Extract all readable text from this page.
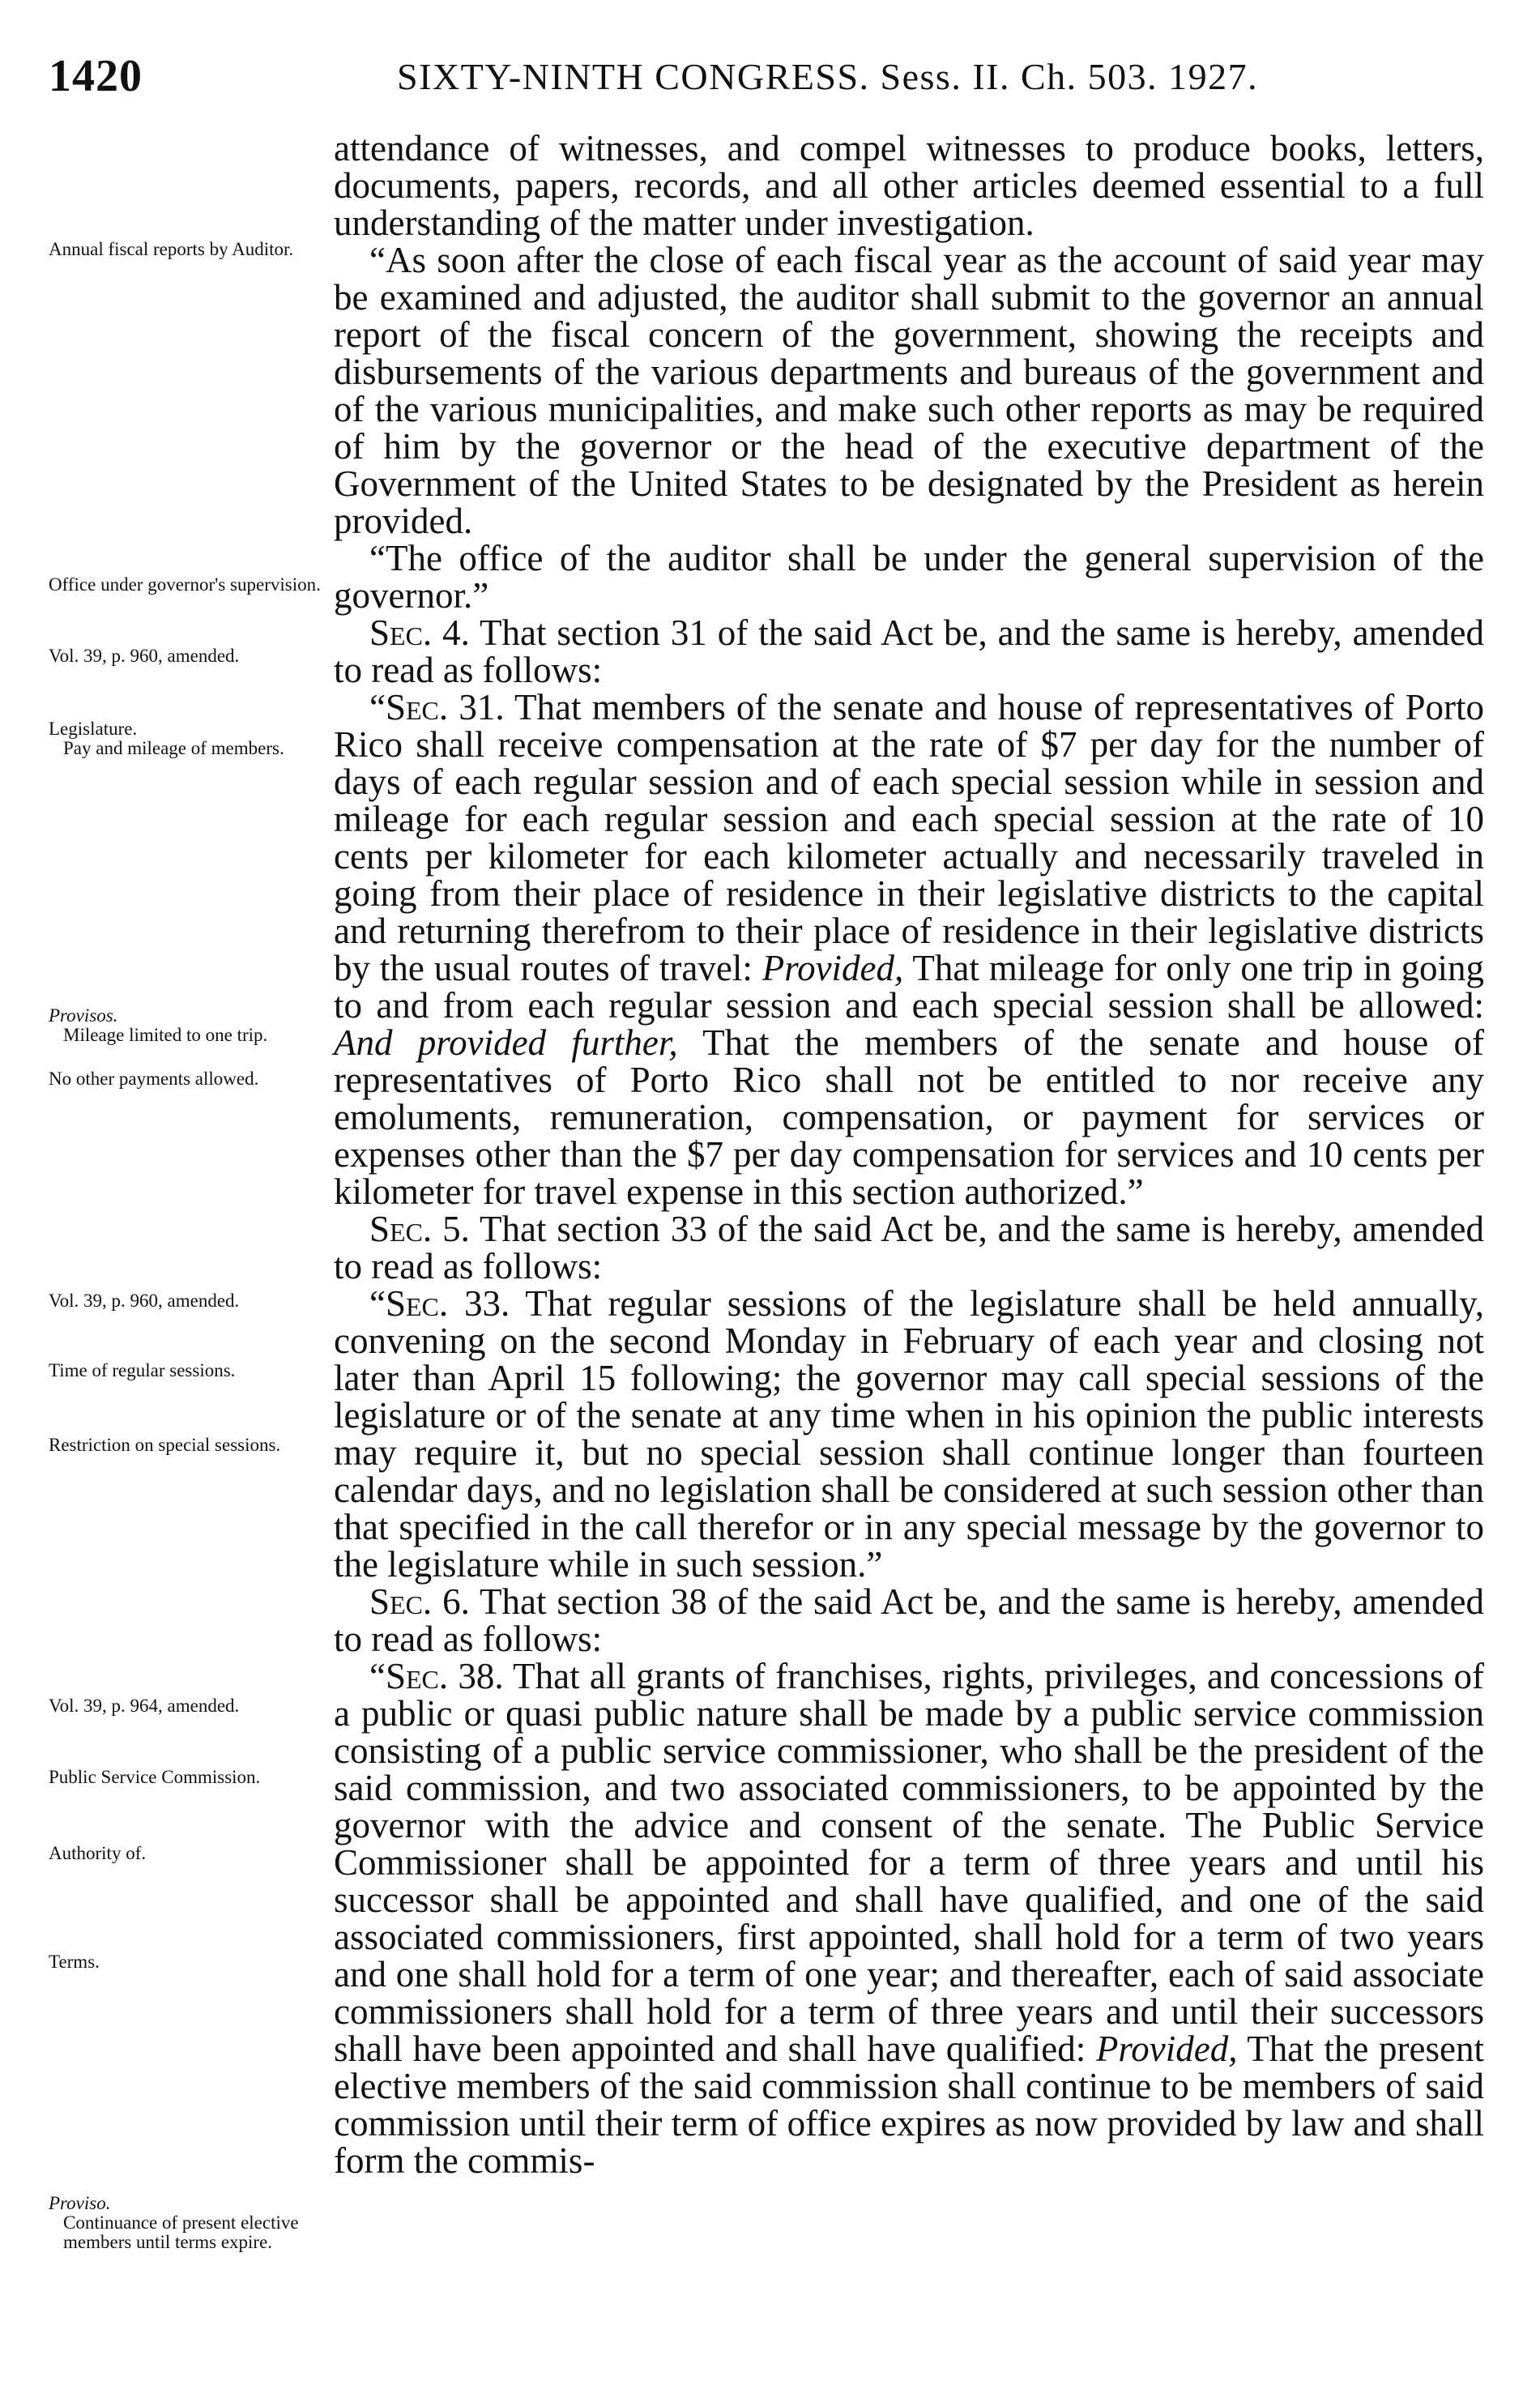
1420	SIXTY-NINTH CONGRESS. Sess. II. Ch. 503. 1927.
Annual fiscal reports by Auditor.
Office under governor's supervision.
Vol. 39, p. 960, amended.
Legislature.
Pay and mileage of members.
Provisos.
Mileage limited to one trip.
No other payments allowed.
Vol. 39, p. 960, amended.
Time of regular sessions.
Restriction on special sessions.
Vol. 39, p. 964, amended.
Public Service Commission.
Authority of.
Terms.
Proviso.
Continuance of present elective members until terms expire.

attendance of witnesses, and compel witnesses to produce books, letters, documents, papers, records, and all other articles deemed essential to a full understanding of the matter under investigation.

“As soon after the close of each fiscal year as the account of said year may be examined and adjusted, the auditor shall submit to the governor an annual report of the fiscal concern of the government, showing the receipts and disbursements of the various departments and bureaus of the government and of the various municipalities, and make such other reports as may be required of him by the governor or the head of the executive department of the Government of the United States to be designated by the President as herein provided.

“The office of the auditor shall be under the general supervision of the governor.”

Sec. 4. That section 31 of the said Act be, and the same is hereby, amended to read as follows:

“Sec. 31. That members of the senate and house of representatives of Porto Rico shall receive compensation at the rate of $7 per day for the number of days of each regular session and of each special session while in session and mileage for each regular session and each special session at the rate of 10 cents per kilometer for each kilometer actually and necessarily traveled in going from their place of residence in their legislative districts to the capital and returning therefrom to their place of residence in their legislative districts by the usual routes of travel: Provided, That mileage for only one trip in going to and from each regular session and each special session shall be allowed: And provided further, That the members of the senate and house of representatives of Porto Rico shall not be entitled to nor receive any emoluments, remuneration, compensation, or payment for services or expenses other than the $7 per day compensation for services and 10 cents per kilometer for travel expense in this section authorized.”

Sec. 5. That section 33 of the said Act be, and the same is hereby, amended to read as follows:

“Sec. 33. That regular sessions of the legislature shall be held annually, convening on the second Monday in February of each year and closing not later than April 15 following; the governor may call special sessions of the legislature or of the senate at any time when in his opinion the public interests may require it, but no special session shall continue longer than fourteen calendar days, and no legislation shall be considered at such session other than that specified in the call therefor or in any special message by the governor to the legislature while in such session.”

Sec. 6. That section 38 of the said Act be, and the same is hereby, amended to read as follows:

“Sec. 38. That all grants of franchises, rights, privileges, and concessions of a public or quasi public nature shall be made by a public service commission consisting of a public service commissioner, who shall be the president of the said commission, and two associated commissioners, to be appointed by the governor with the advice and consent of the senate. The Public Service Commissioner shall be appointed for a term of three years and until his successor shall be appointed and shall have qualified, and one of the said associated commissioners, first appointed, shall hold for a term of two years and one shall hold for a term of one year; and thereafter, each of said associate commissioners shall hold for a term of three years and until their successors shall have been appointed and shall have qualified: Provided, That the present elective members of the said commission shall continue to be members of said commission until their term of office expires as now provided by law and shall form the commis-
